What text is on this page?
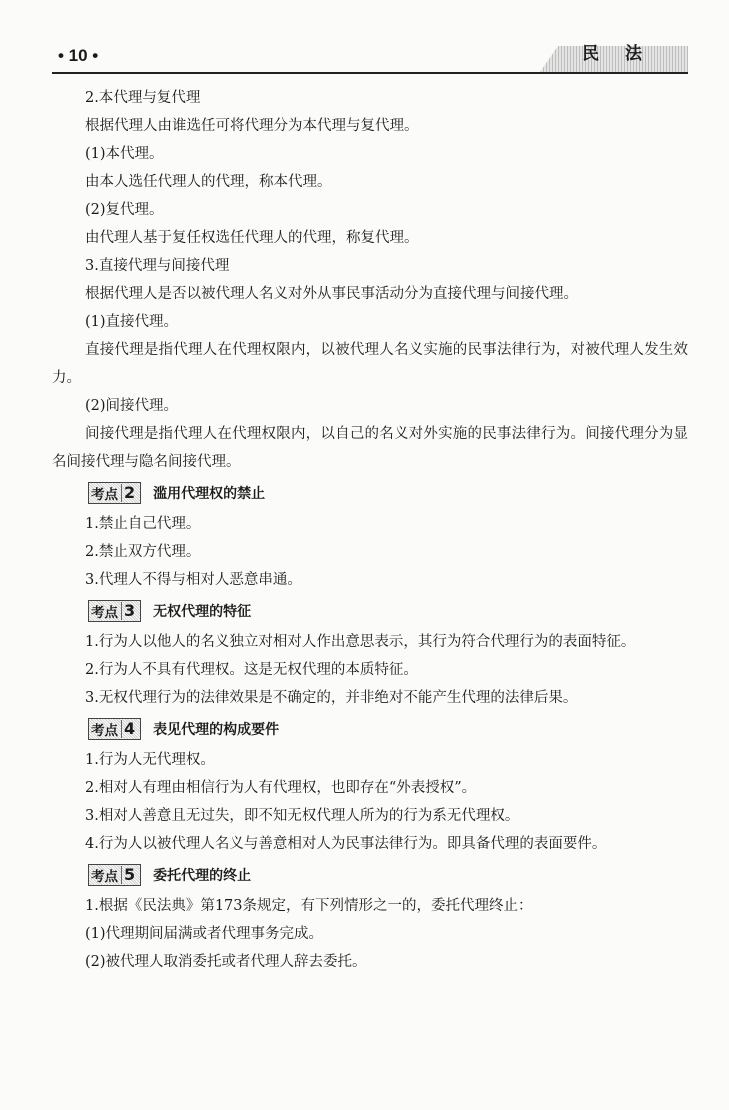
• 10 •	民 法

2.本代理与复代理

根据代理人由谁选任可将代理分为本代理与复代理。

(1)本代理。

由本人选任代理人的代理，称本代理。

(2)复代理。

由代理人基于复任权选任代理人的代理，称复代理。

3.直接代理与间接代理

根据代理人是否以被代理人名义对外从事民事活动分为直接代理与间接代理。

(1)直接代理。

直接代理是指代理人在代理权限内，以被代理人名义实施的民事法律行为，对被代理人发生效力。

(2)间接代理。

间接代理是指代理人在代理权限内，以自己的名义对外实施的民事法律行为。间接代理分为显名间接代理与隐名间接代理。

考点 2 滥用代理权的禁止

1.禁止自己代理。

2.禁止双方代理。

3.代理人不得与相对人恶意串通。

考点 3 无权代理的特征

1.行为人以他人的名义独立对相对人作出意思表示，其行为符合代理行为的表面特征。

2.行为人不具有代理权。这是无权代理的本质特征。

3.无权代理行为的法律效果是不确定的，并非绝对不能产生代理的法律后果。

考点 4 表见代理的构成要件

1.行为人无代理权。

2.相对人有理由相信行为人有代理权，也即存在“外表授权”。

3.相对人善意且无过失，即不知无权代理人所为的行为系无代理权。

4.行为人以被代理人名义与善意相对人为民事法律行为。即具备代理的表面要件。

考点 5 委托代理的终止

1.根据《民法典》第173条规定，有下列情形之一的，委托代理终止：

(1)代理期间届满或者代理事务完成。

(2)被代理人取消委托或者代理人辞去委托。
